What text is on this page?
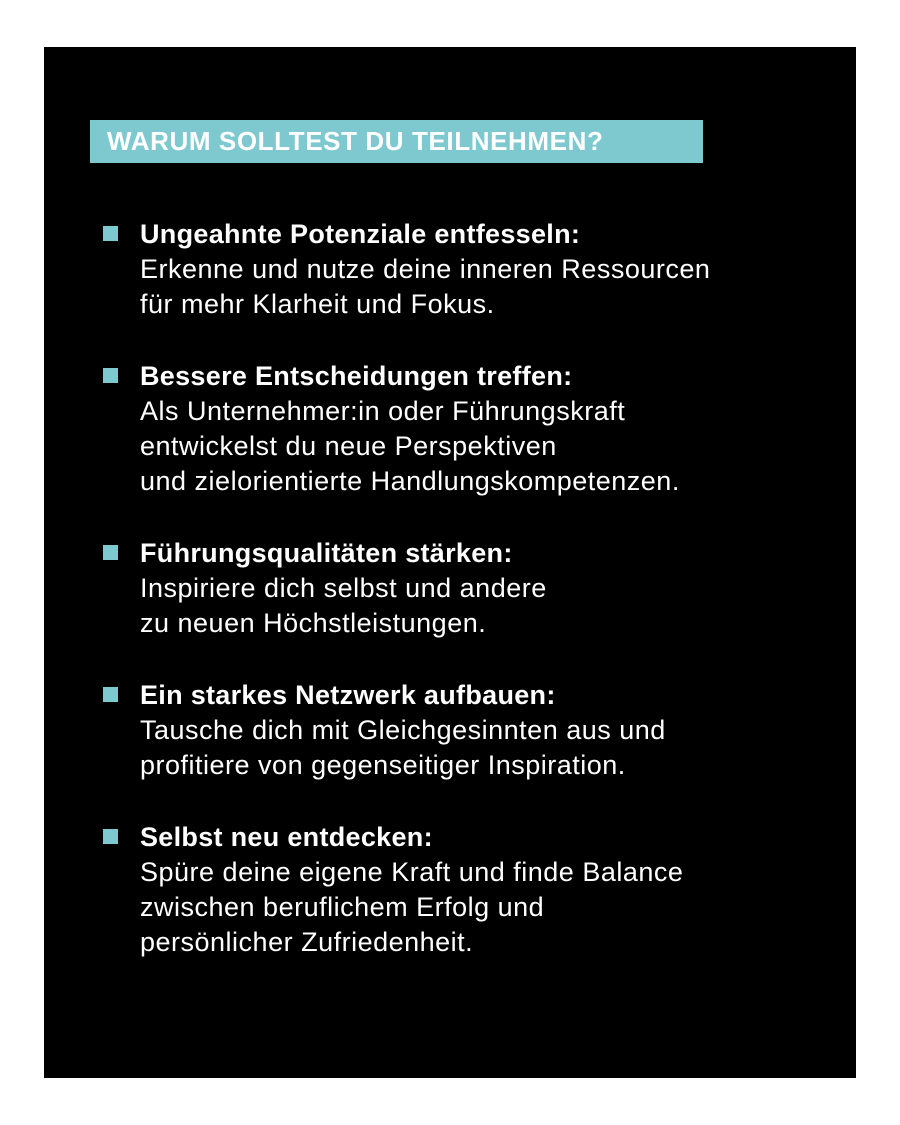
WARUM SOLLTEST DU TEILNEHMEN?
Ungeahnte Potenziale entfesseln:
Erkenne und nutze deine inneren Ressourcen
für mehr Klarheit und Fokus.
Bessere Entscheidungen treffen:
Als Unternehmer:in oder Führungskraft
entwickelst du neue Perspektiven
und zielorientierte Handlungskompetenzen.
Führungsqualitäten stärken:
Inspiriere dich selbst und andere
zu neuen Höchstleistungen.
Ein starkes Netzwerk aufbauen:
Tausche dich mit Gleichgesinnten aus und
profitiere von gegenseitiger Inspiration.
Selbst neu entdecken:
Spüre deine eigene Kraft und finde Balance
zwischen beruflichem Erfolg und
persönlicher Zufriedenheit.
